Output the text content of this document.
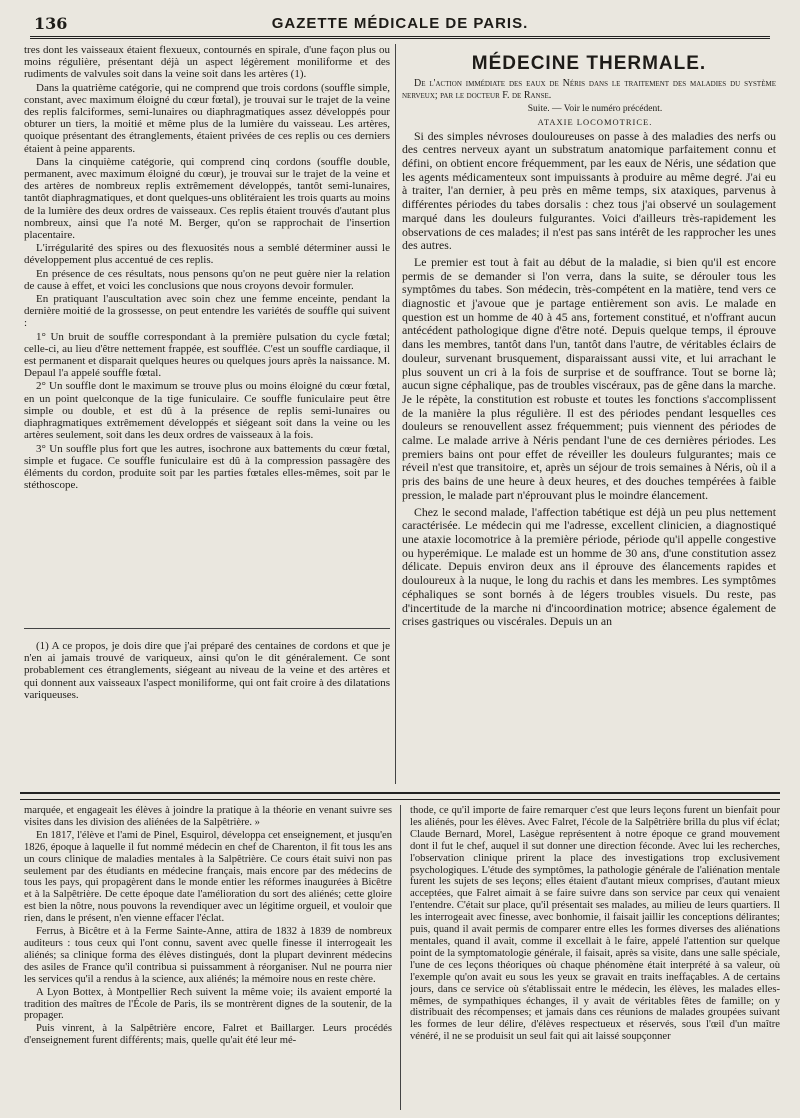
136	GAZETTE MÉDICALE DE PARIS.

tres dont les vaisseaux étaient flexueux, contournés en spirale, d'une façon plus ou moins régulière, présentant déjà un aspect légèrement moniliforme et des rudiments de valvules soit dans la veine soit dans les artères (1).

Dans la quatrième catégorie, qui ne comprend que trois cordons (souffle simple, constant, avec maximum éloigné du cœur fœtal), je trouvai sur le trajet de la veine des replis falciformes, semi-lunaires ou diaphragmatiques assez développés pour obturer un tiers, la moitié et même plus de la lumière du vaisseau. Les artères, quoique présentant des étranglements, étaient privées de ces replis ou ces derniers étaient à peine apparents.

Dans la cinquième catégorie, qui comprend cinq cordons (souffle double, permanent, avec maximum éloigné du cœur), je trouvai sur le trajet de la veine et des artères de nombreux replis extrêmement développés, tantôt semi-lunaires, tantôt diaphragmatiques, et dont quelques-uns oblitéraient les trois quarts au moins de la lumière des deux ordres de vaisseaux. Ces replis étaient trouvés d'autant plus nombreux, ainsi que l'a noté M. Berger, qu'on se rapprochait de l'insertion placentaire.

L'irrégularité des spires ou des flexuosités nous a semblé déterminer aussi le développement plus accentué de ces replis.

En présence de ces résultats, nous pensons qu'on ne peut guère nier la relation de cause à effet, et voici les conclusions que nous croyons devoir formuler.

En pratiquant l'auscultation avec soin chez une femme enceinte, pendant la dernière moitié de la grossesse, on peut entendre les variétés de souffle qui suivent :

1° Un bruit de souffle correspondant à la première pulsation du cycle fœtal; celle-ci, au lieu d'être nettement frappée, est soufflée. C'est un souffle cardiaque, il est permanent et disparait quelques heures ou quelques jours après la naissance. M. Depaul l'a appelé souffle fœtal.

2° Un souffle dont le maximum se trouve plus ou moins éloigné du cœur fœtal, en un point quelconque de la tige funiculaire. Ce souffle funiculaire peut être simple ou double, et est dû à la présence de replis semi-lunaires ou diaphragmatiques extrêmement développés et siégeant soit dans la veine ou les artères seulement, soit dans les deux ordres de vaisseaux à la fois.

3° Un souffle plus fort que les autres, isochrone aux battements du cœur fœtal, simple et fugace. Ce souffle funiculaire est dû à la compression passagère des éléments du cordon, produite soit par les parties fœtales elles-mêmes, soit par le stéthoscope.

(1) A ce propos, je dois dire que j'ai préparé des centaines de cordons et que je n'en ai jamais trouvé de variqueux, ainsi qu'on le dit généralement. Ce sont probablement ces étranglements, siégeant au niveau de la veine et des artères et qui donnent aux vaisseaux l'aspect moniliforme, qui ont fait croire à des dilatations variqueuses.

MÉDECINE THERMALE.

De l'action immédiate des eaux de Néris dans le traitement des maladies du système nerveux; par le docteur F. de Ranse.

Suite. — Voir le numéro précédent.

ATAXIE LOCOMOTRICE.

Si des simples névroses douloureuses on passe à des maladies des nerfs ou des centres nerveux ayant un substratum anatomique parfaitement connu et défini, on obtient encore fréquemment, par les eaux de Néris, une sédation que les agents médicamenteux sont impuissants à produire au même degré. J'ai eu à traiter, l'an dernier, à peu près en même temps, six ataxiques, parvenus à différentes périodes du tabes dorsalis : chez tous j'ai observé un soulagement marqué dans les douleurs fulgurantes. Voici d'ailleurs très-rapidement les observations de ces malades; il n'est pas sans intérêt de les rapprocher les unes des autres.

Le premier est tout à fait au début de la maladie, si bien qu'il est encore permis de se demander si l'on verra, dans la suite, se dérouler tous les symptômes du tabes. Son médecin, très-compétent en la matière, tend vers ce diagnostic et j'avoue que je partage entièrement son avis. Le malade en question est un homme de 40 à 45 ans, fortement constitué, et n'offrant aucun antécédent pathologique digne d'être noté. Depuis quelque temps, il éprouve dans les membres, tantôt dans l'un, tantôt dans l'autre, de véritables éclairs de douleur, survenant brusquement, disparaissant aussi vite, et lui arrachant le plus souvent un cri à la fois de surprise et de souffrance. Tout se borne là; aucun signe céphalique, pas de troubles viscéraux, pas de gêne dans la marche. Je le répète, la constitution est robuste et toutes les fonctions s'accomplissent de la manière la plus régulière. Il est des périodes pendant lesquelles ces douleurs se renouvellent assez fréquemment; puis viennent des périodes de calme. Le malade arrive à Néris pendant l'une de ces dernières périodes. Les premiers bains ont pour effet de réveiller les douleurs fulgurantes; mais ce réveil n'est que transitoire, et, après un séjour de trois semaines à Néris, où il a pris des bains de une heure à deux heures, et des douches tempérées à faible pression, le malade part n'éprouvant plus le moindre élancement.

Chez le second malade, l'affection tabétique est déjà un peu plus nettement caractérisée. Le médecin qui me l'adresse, excellent clinicien, a diagnostiqué une ataxie locomotrice à la première période, période qu'il appelle congestive ou hyperémique. Le malade est un homme de 30 ans, d'une constitution assez délicate. Depuis environ deux ans il éprouve des élancements rapides et douloureux à la nuque, le long du rachis et dans les membres. Les symptômes céphaliques se sont bornés à de légers troubles visuels. Du reste, pas d'incertitude de la marche ni d'incoordination motrice; absence également de crises gastriques ou viscérales. Depuis un an

marquée, et engageait les élèves à joindre la pratique à la théorie en venant suivre ses visites dans les division des aliénées de la Salpêtrière. »

En 1817, l'élève et l'ami de Pinel, Esquirol, développa cet enseignement, et jusqu'en 1826, époque à laquelle il fut nommé médecin en chef de Charenton, il fit tous les ans un cours clinique de maladies mentales à la Salpêtrière. Ce cours était suivi non pas seulement par des étudiants en médecine français, mais encore par des médecins de tous les pays, qui propagèrent dans le monde entier les réformes inaugurées à Bicêtre et à la Salpêtrière. De cette époque date l'amélioration du sort des aliénés; cette gloire est bien la nôtre, nous pouvons la revendiquer avec un légitime orgueil, et vouloir que rien, dans le présent, n'en vienne effacer l'éclat.

Ferrus, à Bicêtre et à la Ferme Sainte-Anne, attira de 1832 à 1839 de nombreux auditeurs : tous ceux qui l'ont connu, savent avec quelle finesse il interrogeait les aliénés; sa clinique forma des élèves distingués, dont la plupart devinrent médecins des asiles de France qu'il contribua si puissamment à réorganiser. Nul ne pourra nier les services qu'il a rendus à la science, aux aliénés; la mémoire nous en reste chère.

A Lyon Bottex, à Montpellier Rech suivent la même voie; ils avaient emporté la tradition des maîtres de l'École de Paris, ils se montrèrent dignes de la soutenir, de la propager.

Puis vinrent, à la Salpêtrière encore, Falret et Baillarger. Leurs procédés d'enseignement furent différents; mais, quelle qu'ait été leur mé-

thode, ce qu'il importe de faire remarquer c'est que leurs leçons furent un bienfait pour les aliénés, pour les élèves. Avec Falret, l'école de la Salpêtrière brilla du plus vif éclat; Claude Bernard, Morel, Lasègue représentent à notre époque ce grand mouvement dont il fut le chef, auquel il sut donner une direction féconde. Avec lui les recherches, l'observation clinique prirent la place des investigations trop exclusivement psychologiques. L'étude des symptômes, la pathologie générale de l'aliénation mentale furent les sujets de ses leçons; elles étaient d'autant mieux comprises, d'autant mieux acceptées, que Falret aimait à se faire suivre dans son service par ceux qui venaient l'entendre. C'était sur place, qu'il présentait ses malades, au milieu de leurs quartiers. Il les interrogeait avec finesse, avec bonhomie, il faisait jaillir les conceptions délirantes; puis, quand il avait permis de comparer entre elles les formes diverses des aliénations mentales, quand il avait, comme il excellait à le faire, appelé l'attention sur quelque point de la symptomatologie générale, il faisait, après sa visite, dans une salle spéciale, l'une de ces leçons théoriques où chaque phénomène était interprété à sa valeur, où l'exemple qu'on avait eu sous les yeux se gravait en traits ineffaçables. A de certains jours, dans ce service où s'établissait entre le médecin, les élèves, les malades elles-mêmes, de sympathiques échanges, il y avait de véritables fêtes de famille; on y distribuait des récompenses; et jamais dans ces réunions de malades groupées suivant les formes de leur délire, d'élèves respectueux et réservés, sous l'œil d'un maître vénéré, il ne se produisit un seul fait qui ait laissé soupçonner
